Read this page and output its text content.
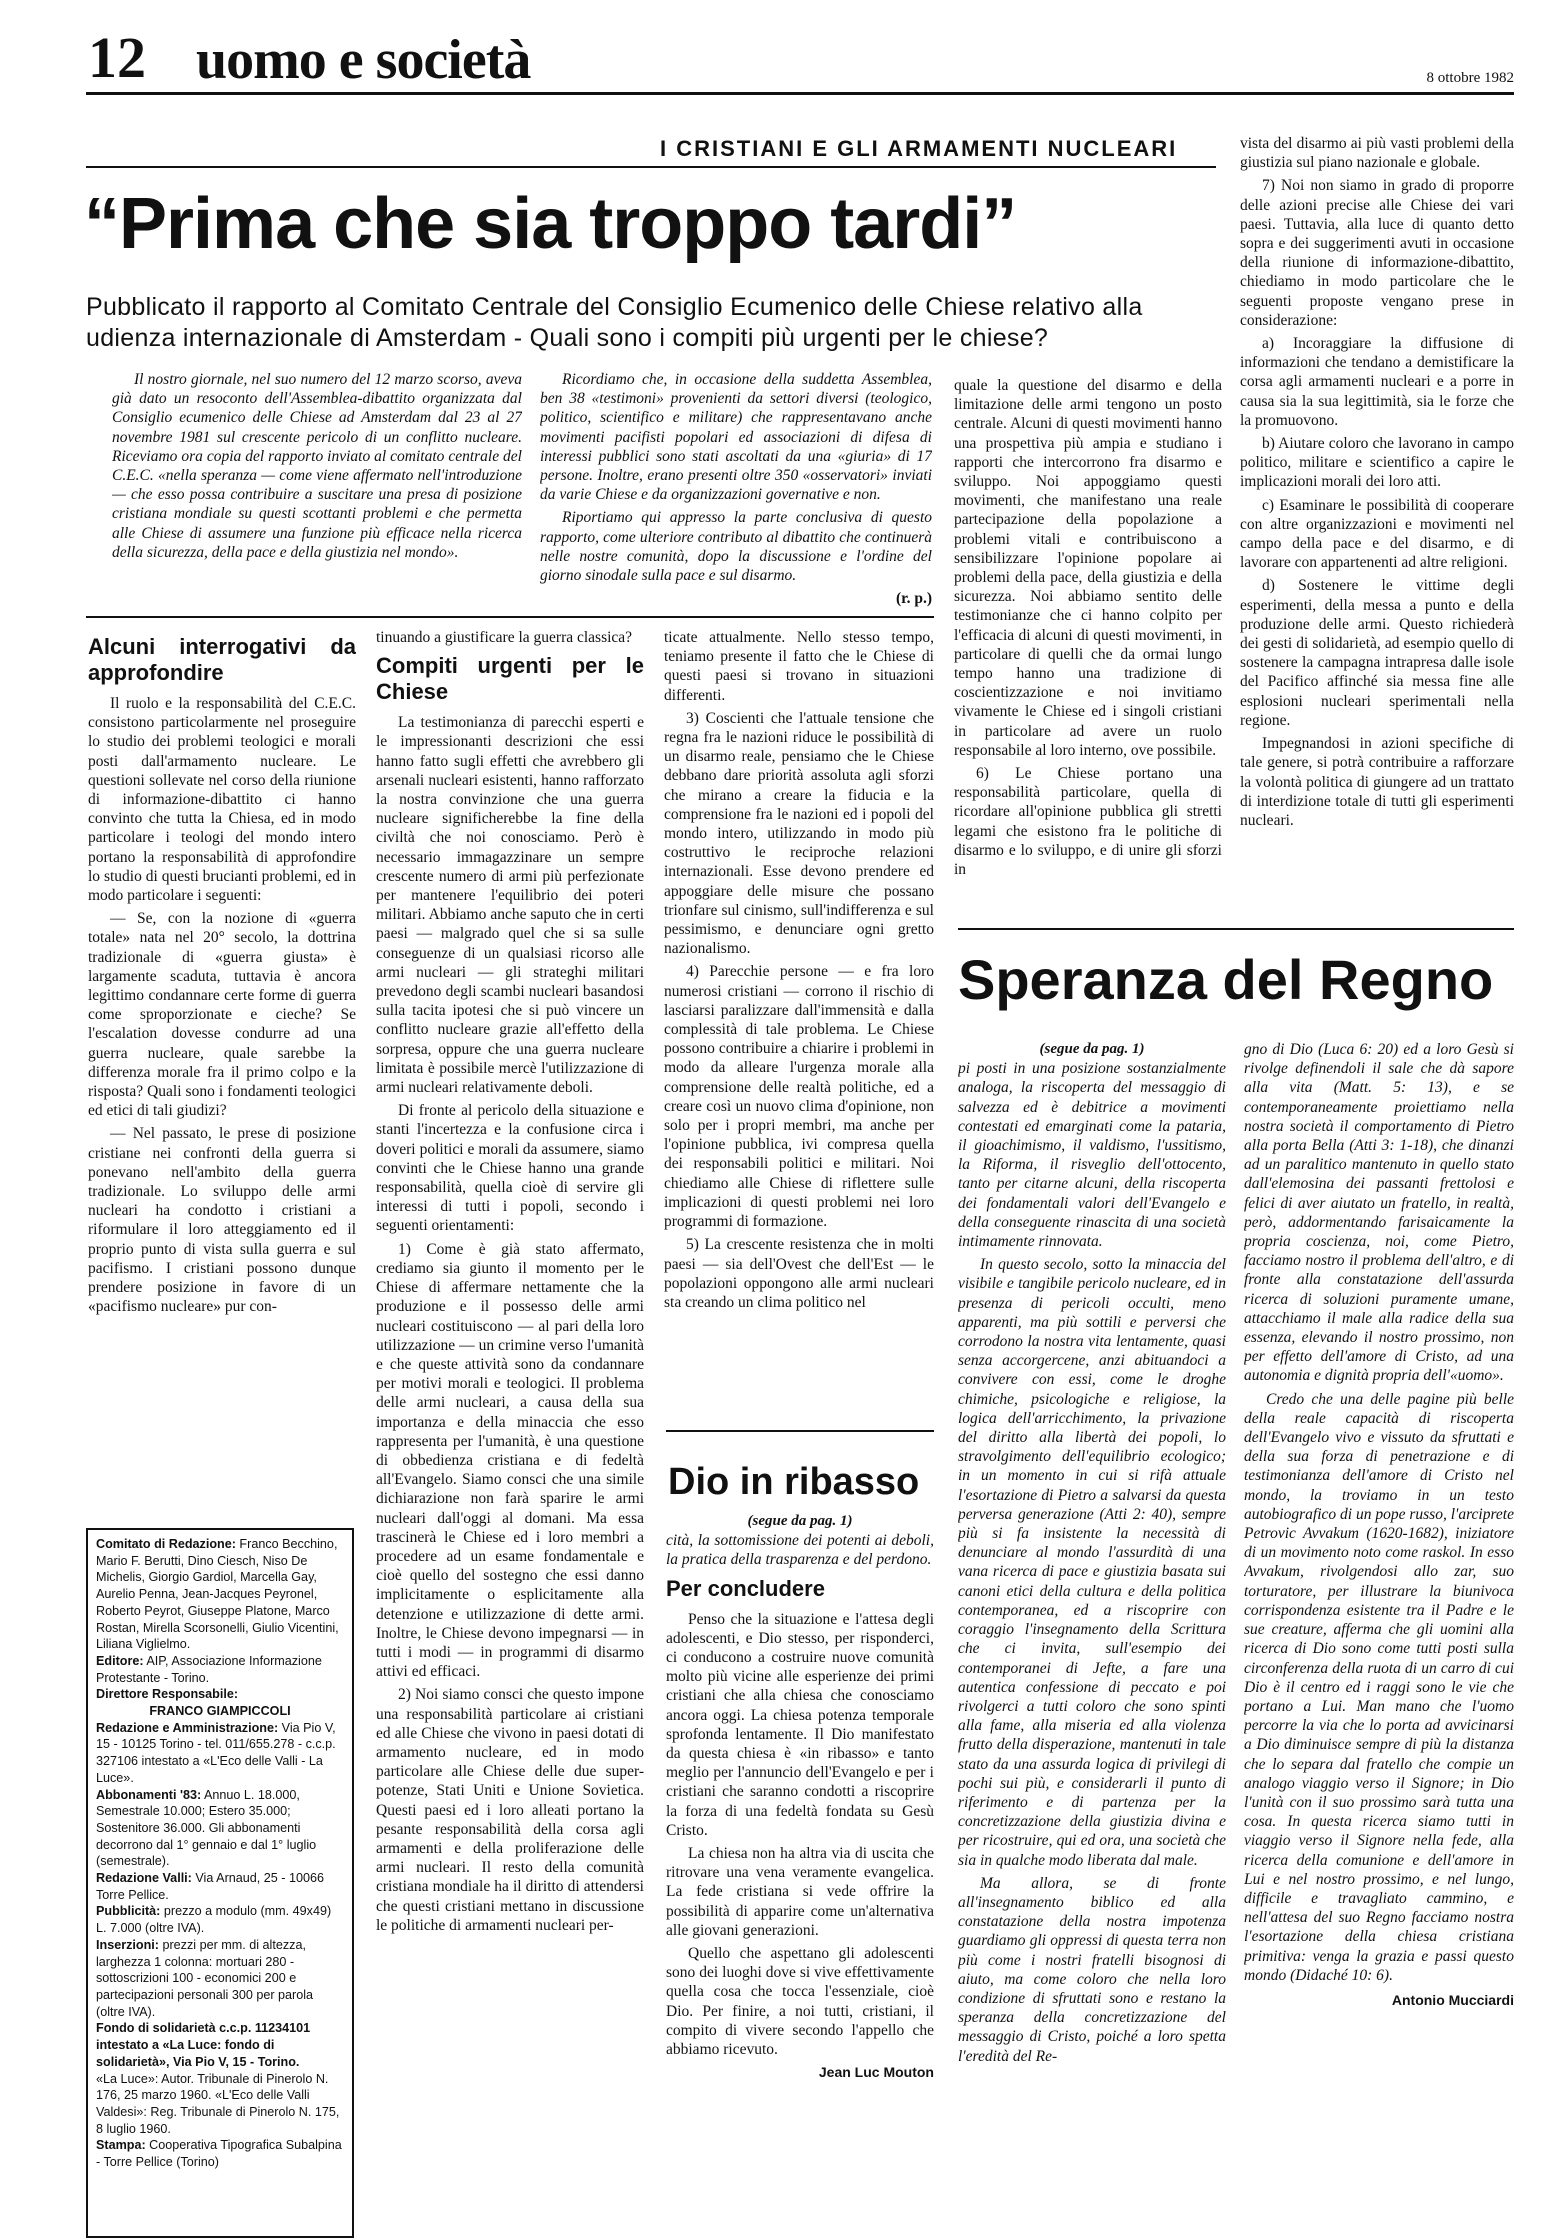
12 uomo e società	8 ottobre 1982
I CRISTIANI E GLI ARMAMENTI NUCLEARI
“Prima che sia troppo tardi”
Pubblicato il rapporto al Comitato Centrale del Consiglio Ecumenico delle Chiese relativo alla udienza internazionale di Amsterdam - Quali sono i compiti più urgenti per le chiese?

Il nostro giornale, nel suo numero del 12 marzo scorso, aveva già dato un resoconto dell'Assemblea-dibattito organizzata dal Consiglio ecumenico delle Chiese ad Amsterdam dal 23 al 27 novembre 1981 sul crescente pericolo di un conflitto nucleare. Riceviamo ora copia del rapporto inviato al comitato centrale del C.E.C. «nella speranza — come viene affermato nell'introduzione — che esso possa contribuire a suscitare una presa di posizione cristiana mondiale su questi scottanti problemi e che permetta alle Chiese di assumere una funzione più efficace nella ricerca della sicurezza, della pace e della giustizia nel mondo».

Ricordiamo che, in occasione della suddetta Assemblea, ben 38 «testimoni» provenienti da settori diversi (teologico, politico, scientifico e militare) che rappresentavano anche movimenti pacifisti popolari ed associazioni di difesa di interessi pubblici sono stati ascoltati da una «giuria» di 17 persone. Inoltre, erano presenti oltre 350 «osservatori» inviati da varie Chiese e da organizzazioni governative e non.

Riportiamo qui appresso la parte conclusiva di questo rapporto, come ulteriore contributo al dibattito che continuerà nelle nostre comunità, dopo la discussione e l'ordine del giorno sinodale sulla pace e sul disarmo.

(r. p.)
Alcuni interrogativi da approfondire

Il ruolo e la responsabilità del C.E.C. consistono particolarmente nel proseguire lo studio dei problemi teologici e morali posti dall'armamento nucleare. Le questioni sollevate nel corso della riunione di informazione-dibattito ci hanno convinto che tutta la Chiesa, ed in modo particolare i teologi del mondo intero portano la responsabilità di approfondire lo studio di questi brucianti problemi, ed in modo particolare i seguenti:

— Se, con la nozione di «guerra totale» nata nel 20° secolo, la dottrina tradizionale di «guerra giusta» è largamente scaduta, tuttavia è ancora legittimo condannare certe forme di guerra come sproporzionate e cieche? Se l'escalation dovesse condurre ad una guerra nucleare, quale sarebbe la differenza morale fra il primo colpo e la risposta? Quali sono i fondamenti teologici ed etici di tali giudizi?

— Nel passato, le prese di posizione cristiane nei confronti della guerra si ponevano nell'ambito della guerra tradizionale. Lo sviluppo delle armi nucleari ha condotto i cristiani a riformulare il loro atteggiamento ed il proprio punto di vista sulla guerra e sul pacifismo. I cristiani possono dunque prendere posizione in favore di un «pacifismo nucleare» pur con-

Comitato di Redazione: Franco Becchino, Mario F. Berutti, Dino Ciesch, Niso De Michelis, Giorgio Gardiol, Marcella Gay, Aurelio Penna, Jean-Jacques Peyronel, Roberto Peyrot, Giuseppe Platone, Marco Rostan, Mirella Scorsonelli, Giulio Vicentini, Liliana Viglielmo.
Editore: AIP, Associazione Informazione Protestante - Torino.
Direttore Responsabile:
FRANCO GIAMPICCOLI
Redazione e Amministrazione: Via Pio V, 15 - 10125 Torino - tel. 011/655.278 - c.c.p. 327106 intestato a «L'Eco delle Valli - La Luce».
Abbonamenti '83: Annuo L. 18.000, Semestrale 10.000; Estero 35.000; Sostenitore 36.000. Gli abbonamenti decorrono dal 1° gennaio e dal 1° luglio (semestrale).
Redazione Valli: Via Arnaud, 25 - 10066 Torre Pellice.
Pubblicità: prezzo a modulo (mm. 49x49) L. 7.000 (oltre IVA).
Inserzioni: prezzi per mm. di altezza, larghezza 1 colonna: mortuari 280 - sottoscrizioni 100 - economici 200 e partecipazioni personali 300 per parola (oltre IVA).
Fondo di solidarietà c.c.p. 11234101 intestato a «La Luce: fondo di solidarietà», Via Pio V, 15 - Torino.
«La Luce»: Autor. Tribunale di Pinerolo N. 176, 25 marzo 1960. «L'Eco delle Valli Valdesi»: Reg. Tribunale di Pinerolo N. 175, 8 luglio 1960.
Stampa: Cooperativa Tipografica Subalpina - Torre Pellice (Torino)

tinuando a giustificare la guerra classica?

Compiti urgenti per le Chiese

La testimonianza di parecchi esperti e le impressionanti descrizioni che essi hanno fatto sugli effetti che avrebbero gli arsenali nucleari esistenti, hanno rafforzato la nostra convinzione che una guerra nucleare significherebbe la fine della civiltà che noi conosciamo. Però è necessario immagazzinare un sempre crescente numero di armi più perfezionate per mantenere l'equilibrio dei poteri militari. Abbiamo anche saputo che in certi paesi — malgrado quel che si sa sulle conseguenze di un qualsiasi ricorso alle armi nucleari — gli strateghi militari prevedono degli scambi nucleari basandosi sulla tacita ipotesi che si può vincere un conflitto nucleare grazie all'effetto della sorpresa, oppure che una guerra nucleare limitata è possibile mercè l'utilizzazione di armi nucleari relativamente deboli.

Di fronte al pericolo della situazione e stanti l'incertezza e la confusione circa i doveri politici e morali da assumere, siamo convinti che le Chiese hanno una grande responsabilità, quella cioè di servire gli interessi di tutti i popoli, secondo i seguenti orientamenti:

1) Come è già stato affermato, crediamo sia giunto il momento per le Chiese di affermare nettamente che la produzione e il possesso delle armi nucleari costituiscono — al pari della loro utilizzazione — un crimine verso l'umanità e che queste attività sono da condannare per motivi morali e teologici. Il problema delle armi nucleari, a causa della sua importanza e della minaccia che esso rappresenta per l'umanità, è una questione di obbedienza cristiana e di fedeltà all'Evangelo. Siamo consci che una simile dichiarazione non farà sparire le armi nucleari dall'oggi al domani. Ma essa trascinerà le Chiese ed i loro membri a procedere ad un esame fondamentale e cioè quello del sostegno che essi danno implicitamente o esplicitamente alla detenzione e utilizzazione di dette armi. Inoltre, le Chiese devono impegnarsi — in tutti i modi — in programmi di disarmo attivi ed efficaci.

2) Noi siamo consci che questo impone una responsabilità particolare ai cristiani ed alle Chiese che vivono in paesi dotati di armamento nucleare, ed in modo particolare alle Chiese delle due super-potenze, Stati Uniti e Unione Sovietica. Questi paesi ed i loro alleati portano la pesante responsabilità della corsa agli armamenti e della proliferazione delle armi nucleari. Il resto della comunità cristiana mondiale ha il diritto di attendersi che questi cristiani mettano in discussione le politiche di armamenti nucleari per-

ticate attualmente. Nello stesso tempo, teniamo presente il fatto che le Chiese di questi paesi si trovano in situazioni differenti.

3) Coscienti che l'attuale tensione che regna fra le nazioni riduce le possibilità di un disarmo reale, pensiamo che le Chiese debbano dare priorità assoluta agli sforzi che mirano a creare la fiducia e la comprensione fra le nazioni ed i popoli del mondo intero, utilizzando in modo più costruttivo le reciproche relazioni internazionali. Esse devono prendere ed appoggiare delle misure che possano trionfare sul cinismo, sull'indifferenza e sul pessimismo, e denunciare ogni gretto nazionalismo.

4) Parecchie persone — e fra loro numerosi cristiani — corrono il rischio di lasciarsi paralizzare dall'immensità e dalla complessità di tale problema. Le Chiese possono contribuire a chiarire i problemi in modo da alleare l'urgenza morale alla comprensione delle realtà politiche, ed a creare così un nuovo clima d'opinione, non solo per i propri membri, ma anche per l'opinione pubblica, ivi compresa quella dei responsabili politici e militari. Noi chiediamo alle Chiese di riflettere sulle implicazioni di questi problemi nei loro programmi di formazione.

5) La crescente resistenza che in molti paesi — sia dell'Ovest che dell'Est — le popolazioni oppongono alle armi nucleari sta creando un clima politico nel

quale la questione del disarmo e della limitazione delle armi tengono un posto centrale. Alcuni di questi movimenti hanno una prospettiva più ampia e studiano i rapporti che intercorrono fra disarmo e sviluppo. Noi appoggiamo questi movimenti, che manifestano una reale partecipazione della popolazione a problemi vitali e contribuiscono a sensibilizzare l'opinione popolare ai problemi della pace, della giustizia e della sicurezza. Noi abbiamo sentito delle testimonianze che ci hanno colpito per l'efficacia di alcuni di questi movimenti, in particolare di quelli che da ormai lungo tempo hanno una tradizione di coscientizzazione e noi invitiamo vivamente le Chiese ed i singoli cristiani in particolare ad avere un ruolo responsabile al loro interno, ove possibile.

6) Le Chiese portano una responsabilità particolare, quella di ricordare all'opinione pubblica gli stretti legami che esistono fra le politiche di disarmo e lo sviluppo, e di unire gli sforzi in

vista del disarmo ai più vasti problemi della giustizia sul piano nazionale e globale.

7) Noi non siamo in grado di proporre delle azioni precise alle Chiese dei vari paesi. Tuttavia, alla luce di quanto detto sopra e dei suggerimenti avuti in occasione della riunione di informazione-dibattito, chiediamo in modo particolare che le seguenti proposte vengano prese in considerazione:

a) Incoraggiare la diffusione di informazioni che tendano a demistificare la corsa agli armamenti nucleari e a porre in causa sia la sua legittimità, sia le forze che la promuovono.

b) Aiutare coloro che lavorano in campo politico, militare e scientifico a capire le implicazioni morali dei loro atti.

c) Esaminare le possibilità di cooperare con altre organizzazioni e movimenti nel campo della pace e del disarmo, e di lavorare con appartenenti ad altre religioni.

d) Sostenere le vittime degli esperimenti, della messa a punto e della produzione delle armi. Questo richiederà dei gesti di solidarietà, ad esempio quello di sostenere la campagna intrapresa dalle isole del Pacifico affinché sia messa fine alle esplosioni nucleari sperimentali nella regione.

Impegnandosi in azioni specifiche di tale genere, si potrà contribuire a rafforzare la volontà politica di giungere ad un trattato di interdizione totale di tutti gli esperimenti nucleari.

Dio in ribasso
(segue da pag. 1)

cità, la sottomissione dei potenti ai deboli, la pratica della trasparenza e del perdono.

Per concludere

Penso che la situazione e l'attesa degli adolescenti, e Dio stesso, per risponderci, ci conducono a costruire nuove comunità molto più vicine alle esperienze dei primi cristiani che alla chiesa che conosciamo ancora oggi. La chiesa potenza temporale sprofonda lentamente. Il Dio manifestato da questa chiesa è «in ribasso» e tanto meglio per l'annuncio dell'Evangelo e per i cristiani che saranno condotti a riscoprire la forza di una fedeltà fondata su Gesù Cristo.

La chiesa non ha altra via di uscita che ritrovare una vena veramente evangelica. La fede cristiana si vede offrire la possibilità di apparire come un'alternativa alle giovani generazioni.

Quello che aspettano gli adolescenti sono dei luoghi dove si vive effettivamente quella cosa che tocca l'essenziale, cioè Dio. Per finire, a noi tutti, cristiani, il compito di vivere secondo l'appello che abbiamo ricevuto.

Jean Luc Mouton
Speranza del Regno
(segue da pag. 1)

pi posti in una posizione sostanzialmente analoga, la riscoperta del messaggio di salvezza ed è debitrice a movimenti contestati ed emarginati come la pataria, il gioachimismo, il valdismo, l'ussitismo, la Riforma, il risveglio dell'ottocento, tanto per citarne alcuni, della riscoperta dei fondamentali valori dell'Evangelo e della conseguente rinascita di una società intimamente rinnovata.

In questo secolo, sotto la minaccia del visibile e tangibile pericolo nucleare, ed in presenza di pericoli occulti, meno apparenti, ma più sottili e perversi che corrodono la nostra vita lentamente, quasi senza accorgercene, anzi abituandoci a convivere con essi, come le droghe chimiche, psicologiche e religiose, la logica dell'arricchimento, la privazione del diritto alla libertà dei popoli, lo stravolgimento dell'equilibrio ecologico; in un momento in cui si rifà attuale l'esortazione di Pietro a salvarsi da questa perversa generazione (Atti 2: 40), sempre più si fa insistente la necessità di denunciare al mondo l'assurdità di una vana ricerca di pace e giustizia basata sui canoni etici della cultura e della politica contemporanea, ed a riscoprire con coraggio l'insegnamento della Scrittura che ci invita, sull'esempio dei contemporanei di Jefte, a fare una autentica confessione di peccato e poi rivolgerci a tutti coloro che sono spinti alla fame, alla miseria ed alla violenza frutto della disperazione, mantenuti in tale stato da una assurda logica di privilegi di pochi sui più, e considerarli il punto di riferimento e di partenza per la concretizzazione della giustizia divina e per ricostruire, qui ed ora, una società che sia in qualche modo liberata dal male.

Ma allora, se di fronte all'insegnamento biblico ed alla constatazione della nostra impotenza guardiamo gli oppressi di questa terra non più come i nostri fratelli bisognosi di aiuto, ma come coloro che nella loro condizione di sfruttati sono e restano la speranza della concretizzazione del messaggio di Cristo, poiché a loro spetta l'eredità del Re-

gno di Dio (Luca 6: 20) ed a loro Gesù si rivolge definendoli il sale che dà sapore alla vita (Matt. 5: 13), e se contemporaneamente proiettiamo nella nostra società il comportamento di Pietro alla porta Bella (Atti 3: 1-18), che dinanzi ad un paralitico mantenuto in quello stato dall'elemosina dei passanti frettolosi e felici di aver aiutato un fratello, in realtà, però, addormentando farisaicamente la propria coscienza, noi, come Pietro, facciamo nostro il problema dell'altro, e di fronte alla constatazione dell'assurda ricerca di soluzioni puramente umane, attacchiamo il male alla radice della sua essenza, elevando il nostro prossimo, non per effetto dell'amore di Cristo, ad una autonomia e dignità propria dell'«uomo».

Credo che una delle pagine più belle della reale capacità di riscoperta dell'Evangelo vivo e vissuto da sfruttati e della sua forza di penetrazione e di testimonianza dell'amore di Cristo nel mondo, la troviamo in un testo autobiografico di un pope russo, l'arciprete Petrovic Avvakum (1620-1682), iniziatore di un movimento noto come raskol. In esso Avvakum, rivolgendosi allo zar, suo torturatore, per illustrare la biunivoca corrispondenza esistente tra il Padre e le sue creature, afferma che gli uomini alla ricerca di Dio sono come tutti posti sulla circonferenza della ruota di un carro di cui Dio è il centro ed i raggi sono le vie che portano a Lui. Man mano che l'uomo percorre la via che lo porta ad avvicinarsi a Dio diminuisce sempre di più la distanza che lo separa dal fratello che compie un analogo viaggio verso il Signore; in Dio l'unità con il suo prossimo sarà tutta una cosa. In questa ricerca siamo tutti in viaggio verso il Signore nella fede, alla ricerca della comunione e dell'amore in Lui e nel nostro prossimo, e nel lungo, difficile e travagliato cammino, e nell'attesa del suo Regno facciamo nostra l'esortazione della chiesa cristiana primitiva: venga la grazia e passi questo mondo (Didaché 10: 6).

Antonio Mucciardi
